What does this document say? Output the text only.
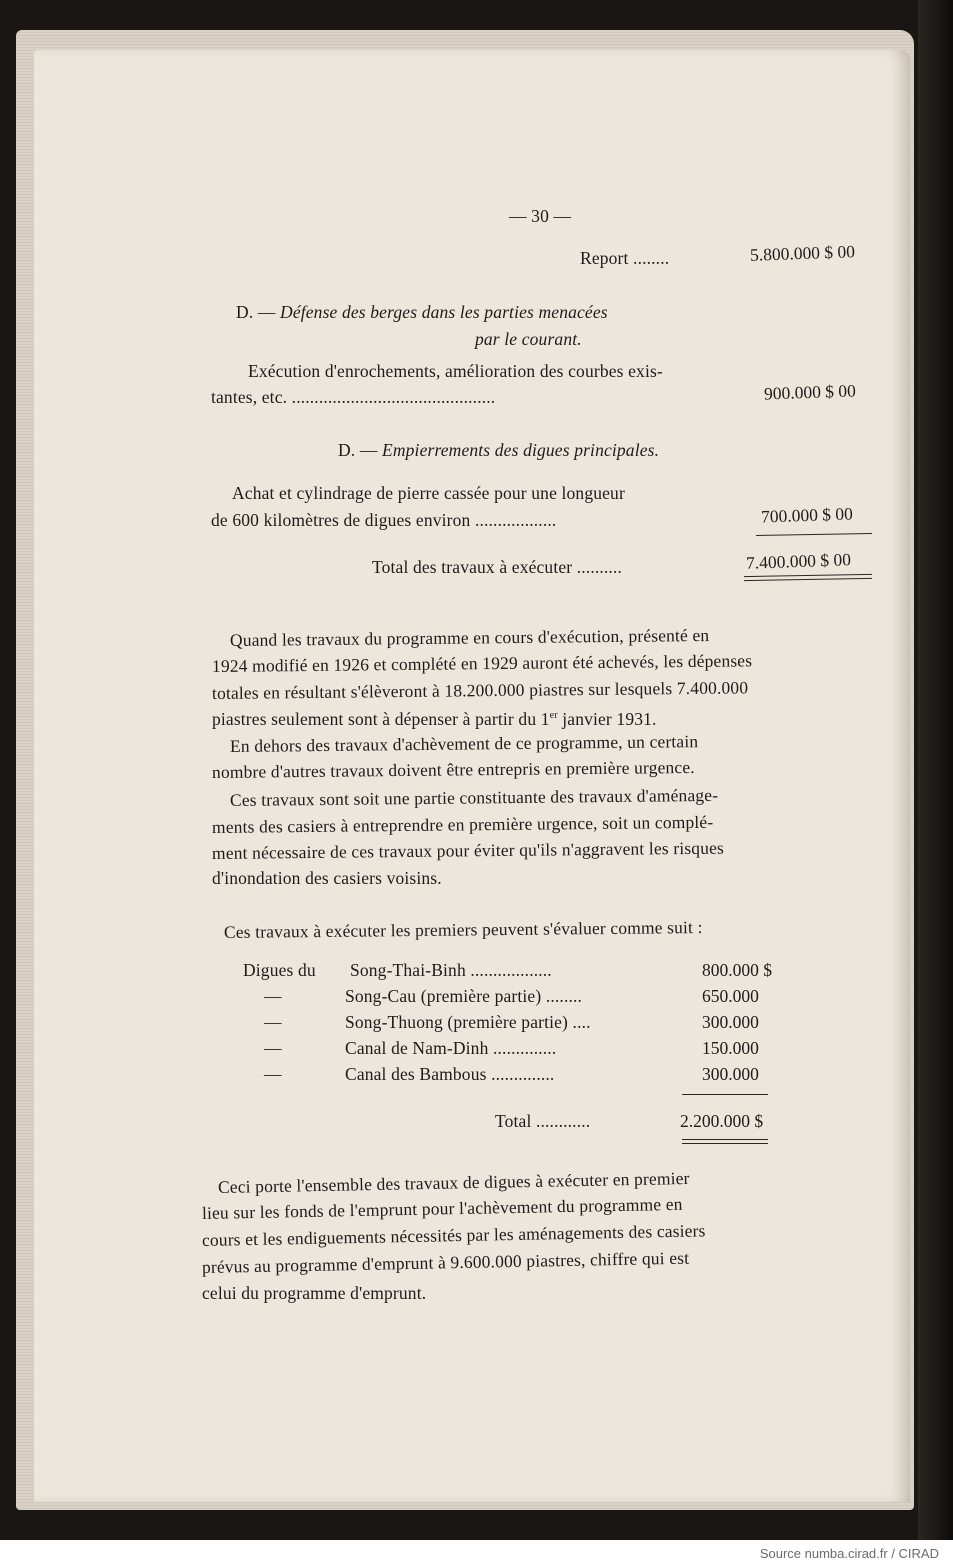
— 30 —
Report ........	5.800.000 $ 00
D. — Défense des berges dans les parties menacées
par le courant.
Exécution d'enrochements, amélioration des courbes exis-
tantes, etc. .............................................	900.000 $ 00
D. — Empierrements des digues principales.
Achat et cylindrage de pierre cassée pour une longueur
de 600 kilomètres de digues environ ..................	700.000 $ 00
Total des travaux à exécuter ..........	7.400.000 $ 00
Quand les travaux du programme en cours d'exécution, présenté en
1924 modifié en 1926 et complété en 1929 auront été achevés, les dépenses
totales en résultant s'élèveront à 18.200.000 piastres sur lesquels 7.400.000
piastres seulement sont à dépenser à partir du 1er janvier 1931.
En dehors des travaux d'achèvement de ce programme, un certain
nombre d'autres travaux doivent être entrepris en première urgence.
Ces travaux sont soit une partie constituante des travaux d'aménage-
ments des casiers à entreprendre en première urgence, soit un complé-
ment nécessaire de ces travaux pour éviter qu'ils n'aggravent les risques
d'inondation des casiers voisins.
Ces travaux à exécuter les premiers peuvent s'évaluer comme suit :
Digues du Song-Thai-Binh ..................	800.000 $
—	Song-Cau (première partie) ........	650.000
—	Song-Thuong (première partie) ....	300.000
—	Canal de Nam-Dinh ..............	150.000
—	Canal des Bambous ..............	300.000
Total ............	2.200.000 $
Ceci porte l'ensemble des travaux de digues à exécuter en premier
lieu sur les fonds de l'emprunt pour l'achèvement du programme en
cours et les endiguements nécessités par les aménagements des casiers
prévus au programme d'emprunt à 9.600.000 piastres, chiffre qui est
celui du programme d'emprunt.
Source numba.cirad.fr / CIRAD
